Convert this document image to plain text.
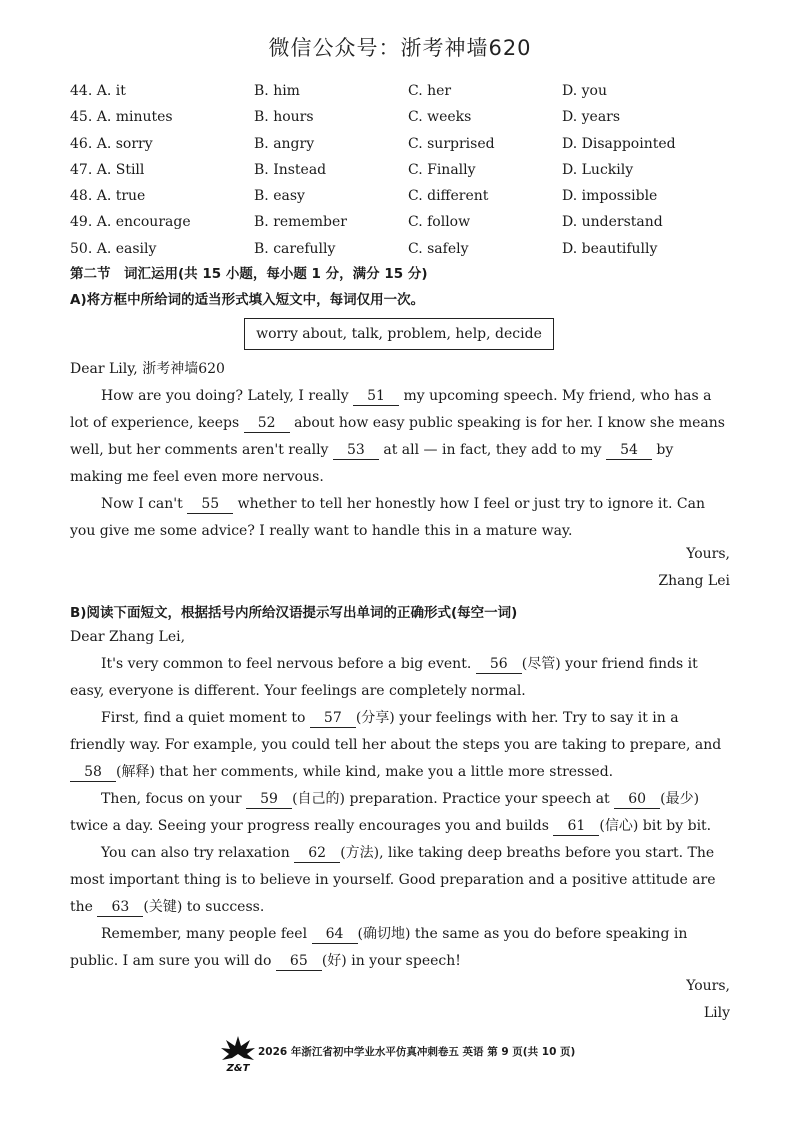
微信公众号：浙考神墙620
44. A. it	B. him	C. her	D. you
45. A. minutes	B. hours	C. weeks	D. years
46. A. sorry	B. angry	C. surprised	D. Disappointed
47. A. Still	B. Instead	C. Finally	D. Luckily
48. A. true	B. easy	C. different	D. impossible
49. A. encourage	B. remember	C. follow	D. understand
50. A. easily	B. carefully	C. safely	D. beautifully
第二节　词汇运用(共 15 小题，每小题 1 分，满分 15 分)
A)将方框中所给词的适当形式填入短文中，每词仅用一次。
worry about, talk, problem, help, decide
Dear Lily, 浙考神墙620
How are you doing? Lately, I really 51 my upcoming speech. My friend, who has a lot of experience, keeps 52 about how easy public speaking is for her. I know she means well, but her comments aren't really 53 at all — in fact, they add to my 54 by making me feel even more nervous.
Now I can't 55 whether to tell her honestly how I feel or just try to ignore it. Can you give me some advice? I really want to handle this in a mature way.
Yours,
Zhang Lei
B)阅读下面短文，根据括号内所给汉语提示写出单词的正确形式(每空一词)
Dear Zhang Lei,
It's very common to feel nervous before a big event. 56 (尽管) your friend finds it easy, everyone is different. Your feelings are completely normal.
First, find a quiet moment to 57 (分享) your feelings with her. Try to say it in a friendly way. For example, you could tell her about the steps you are taking to prepare, and 58 (解释) that her comments, while kind, make you a little more stressed.
Then, focus on your 59 (自己的) preparation. Practice your speech at 60 (最少) twice a day. Seeing your progress really encourages you and builds 61 (信心) bit by bit.
You can also try relaxation 62 (方法), like taking deep breaths before you start. The most important thing is to believe in yourself. Good preparation and a positive attitude are the 63 (关键) to success.
Remember, many people feel 64 (确切地) the same as you do before speaking in public. I am sure you will do 65 (好) in your speech!
Yours,
Lily
Z&T
2026 年浙江省初中学业水平仿真冲刺卷五 英语 第 9 页(共 10 页)
